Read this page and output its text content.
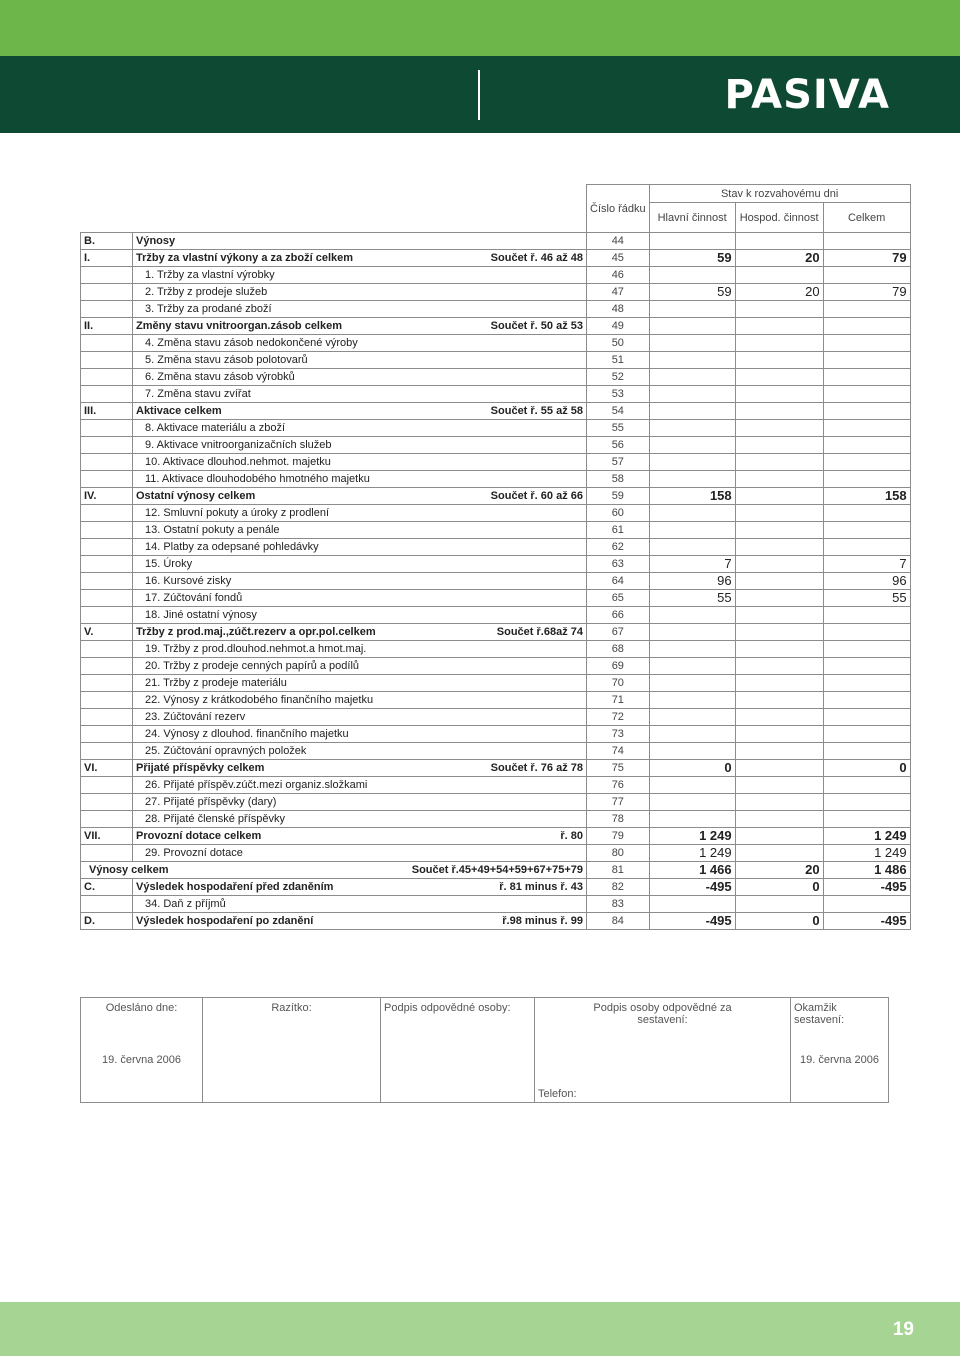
PASIVA
			Číslo řádku	Stav k rozvahovému dni		
				Hlavní činnost	Hospod. činnost	Celkem
B.	Výnosy		44			
I.	Tržby za vlastní výkony a za zboží celkem	Součet ř. 46 až 48	45	59	20	79
	1. Tržby za vlastní výrobky		46			
	2. Tržby z prodeje služeb		47	59	20	79
	3. Tržby za prodané zboží		48			
II.	Změny stavu vnitroorgan.zásob celkem	Součet ř. 50 až 53	49			
	4. Změna stavu zásob nedokončené výroby		50			
	5. Změna stavu zásob polotovarů		51			
	6. Změna stavu zásob výrobků		52			
	7. Změna stavu zvířat		53			
III.	Aktivace celkem	Součet ř. 55 až 58	54			
	8. Aktivace materiálu a zboží		55			
	9. Aktivace vnitroorganizačních služeb		56			
	10. Aktivace dlouhod.nehmot. majetku		57			
	11. Aktivace dlouhodobého hmotného majetku		58			
IV.	Ostatní výnosy celkem	Součet ř. 60 až 66	59	158		158
	12. Smluvní pokuty a úroky z prodlení		60			
	13. Ostatní pokuty a penále		61			
	14. Platby za odepsané pohledávky		62			
	15. Úroky		63	7		7
	16. Kursové zisky		64	96		96
	17. Zúčtování fondů		65	55		55
	18. Jiné ostatní výnosy		66			
V.	Tržby z prod.maj.,zúčt.rezerv a opr.pol.celkem	Součet ř.68až 74	67			
	19. Tržby z prod.dlouhod.nehmot.a hmot.maj.		68			
	20. Tržby z prodeje cenných papírů a podílů		69			
	21. Tržby z prodeje materiálu		70			
	22. Výnosy z krátkodobého finančního majetku		71			
	23. Zúčtování rezerv		72			
	24. Výnosy z dlouhod. finančního majetku		73			
	25. Zúčtování opravných položek		74			
VI.	Přijaté příspěvky celkem	Součet ř. 76 až 78	75	0		0
	26. Přijaté příspěv.zúčt.mezi organiz.složkami		76			
	27. Přijaté příspěvky (dary)		77			
	28. Přijaté členské příspěvky		78			
VII.	Provozní dotace celkem	ř. 80	79	1 249		1 249
	29. Provozní dotace		80	1 249		1 249
Výnosy celkem		Součet ř.45+49+54+59+67+75+79	81	1 466	20	1 486
C.	Výsledek hospodaření před zdaněním	ř. 81 minus ř. 43	82	-495	0	-495
	34. Daň z příjmů		83			
D.	Výsledek hospodaření po zdanění	ř.98 minus ř. 99	84	-495	0	-495
Odesláno dne:
19. června 2006

Razítko:	Podpis odpovědné osoby:	Podpis osoby odpovědné za sestavení:
Telefon:

Okamžik sestavení:
19. června 2006
19
